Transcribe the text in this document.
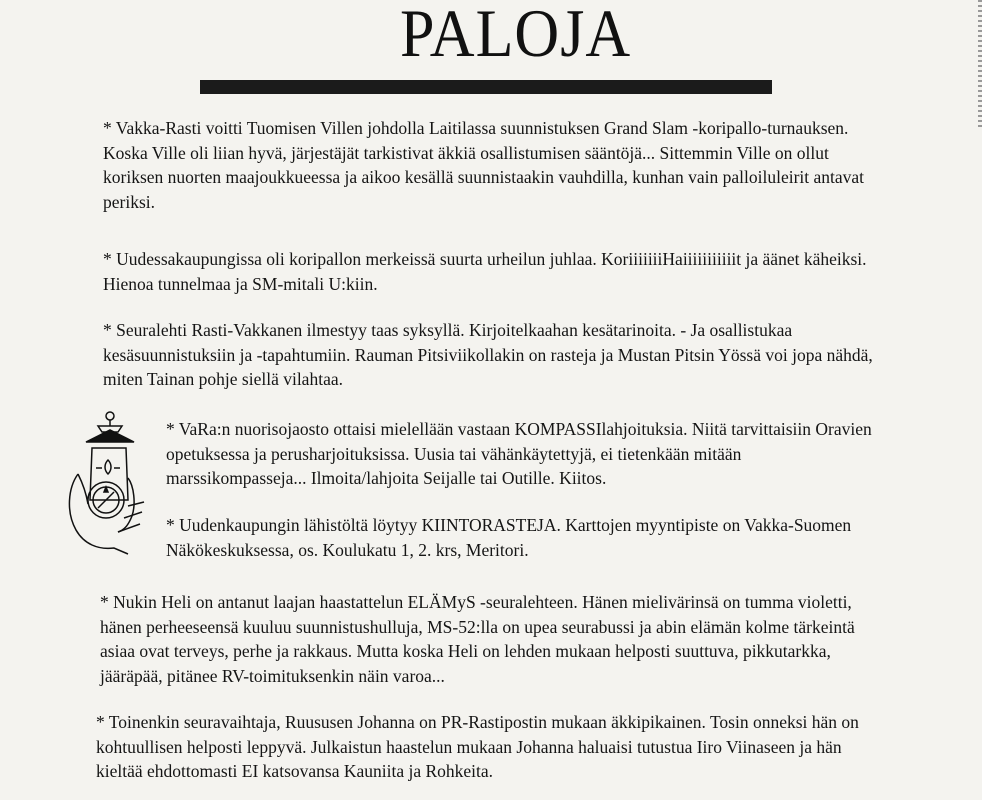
PALOJA

* Vakka-Rasti voitti Tuomisen Villen johdolla Laitilassa suunnistuksen Grand Slam -koripallo-turnauksen. Koska Ville oli liian hyvä, järjestäjät tarkistivat äkkiä osallistumisen sääntöjä... Sittemmin Ville on ollut koriksen nuorten maajoukkueessa ja aikoo kesällä suunnistaakin vauhdilla, kunhan vain palloiluleirit antavat periksi.

* Uudessakaupungissa oli koripallon merkeissä suurta urheilun juhlaa. KoriiiiiiiHaiiiiiiiiiiit ja äänet käheiksi. Hienoa tunnelmaa ja SM-mitali U:kiin.

* Seuralehti Rasti-Vakkanen ilmestyy taas syksyllä. Kirjoitelkaahan kesätarinoita. - Ja osallistukaa kesäsuunnistuksiin ja -tapahtumiin. Rauman Pitsiviikollakin on rasteja ja Mustan Pitsin Yössä voi jopa nähdä, miten Tainan pohje siellä vilahtaa.

* VaRa:n nuorisojaosto ottaisi mielellään vastaan KOMPASSIlahjoituksia. Niitä tarvittaisiin Oravien opetuksessa ja perusharjoituksissa. Uusia tai vähänkäytettyjä, ei tietenkään mitään marssikompasseja... Ilmoita/lahjoita Seijalle tai Outille. Kiitos.

* Uudenkaupungin lähistöltä löytyy KIINTORASTEJA. Karttojen myyntipiste on Vakka-Suomen Näkökeskuksessa, os. Koulukatu 1, 2. krs, Meritori.

* Nukin Heli on antanut laajan haastattelun ELÄMyS -seuralehteen. Hänen mielivärinsä on tumma violetti, hänen perheeseensä kuuluu suunnistushulluja, MS-52:lla on upea seurabussi ja abin elämän kolme tärkeintä asiaa ovat terveys, perhe ja rakkaus. Mutta koska Heli on lehden mukaan helposti suuttuva, pikkutarkka, jääräpää, pitänee RV-toimituksenkin näin varoa...

* Toinenkin seuravaihtaja, Ruususen Johanna on PR-Rastipostin mukaan äkkipikainen. Tosin onneksi hän on kohtuullisen helposti leppyvä. Julkaistun haastelun mukaan Johanna haluaisi tutustua Iiro Viinaseen ja hän kieltää ehdottomasti EI katsovansa Kauniita ja Rohkeita.
